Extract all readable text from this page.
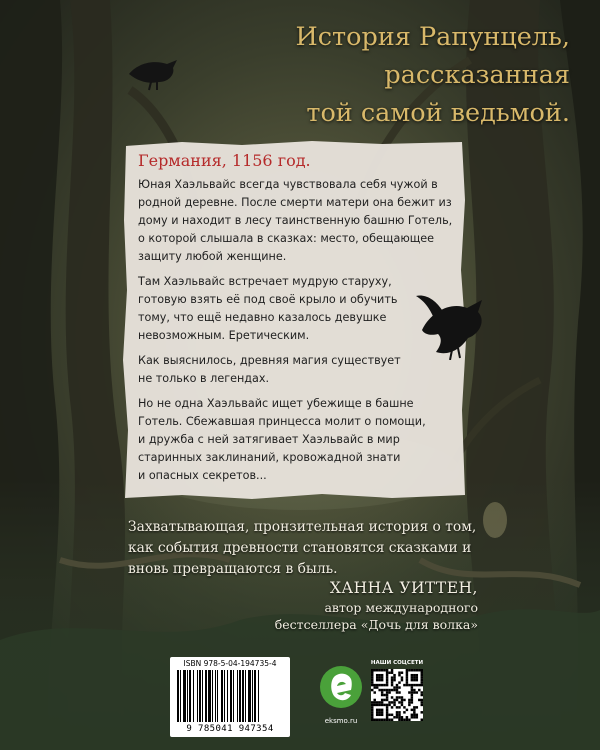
История Рапунцель,
рассказанная
той самой ведьмой.
Германия, 1156 год.

Юная Хаэльвайс всегда чувствовала себя чужой в
родной деревне. После смерти матери она бежит из
дому и находит в лесу таинственную башню Готель,
о которой слышала в сказках: место, обещающее
защиту любой женщине.

Там Хаэльвайс встречает мудрую старуху,
готовую взять её под своё крыло и обучить
тому, что ещё недавно казалось девушке
невозможным. Еретическим.

Как выяснилось, древняя магия существует
не только в легендах.

Но не одна Хаэльвайс ищет убежище в башне
Готель. Сбежавшая принцесса молит о помощи,
и дружба с ней затягивает Хаэльвайс в мир
старинных заклинаний, кровожадной знати
и опасных секретов...

Захватывающая, пронзительная история о том,
как события древности становятся сказками и
вновь превращаются в быль.
ХАННА УИТТЕН,
автор международного
бестселлера «Дочь для волка»
ISBN 978-5-04-194735-4
9 785041 947354
eksmo.ru
НАШИ СОЦСЕТИ
